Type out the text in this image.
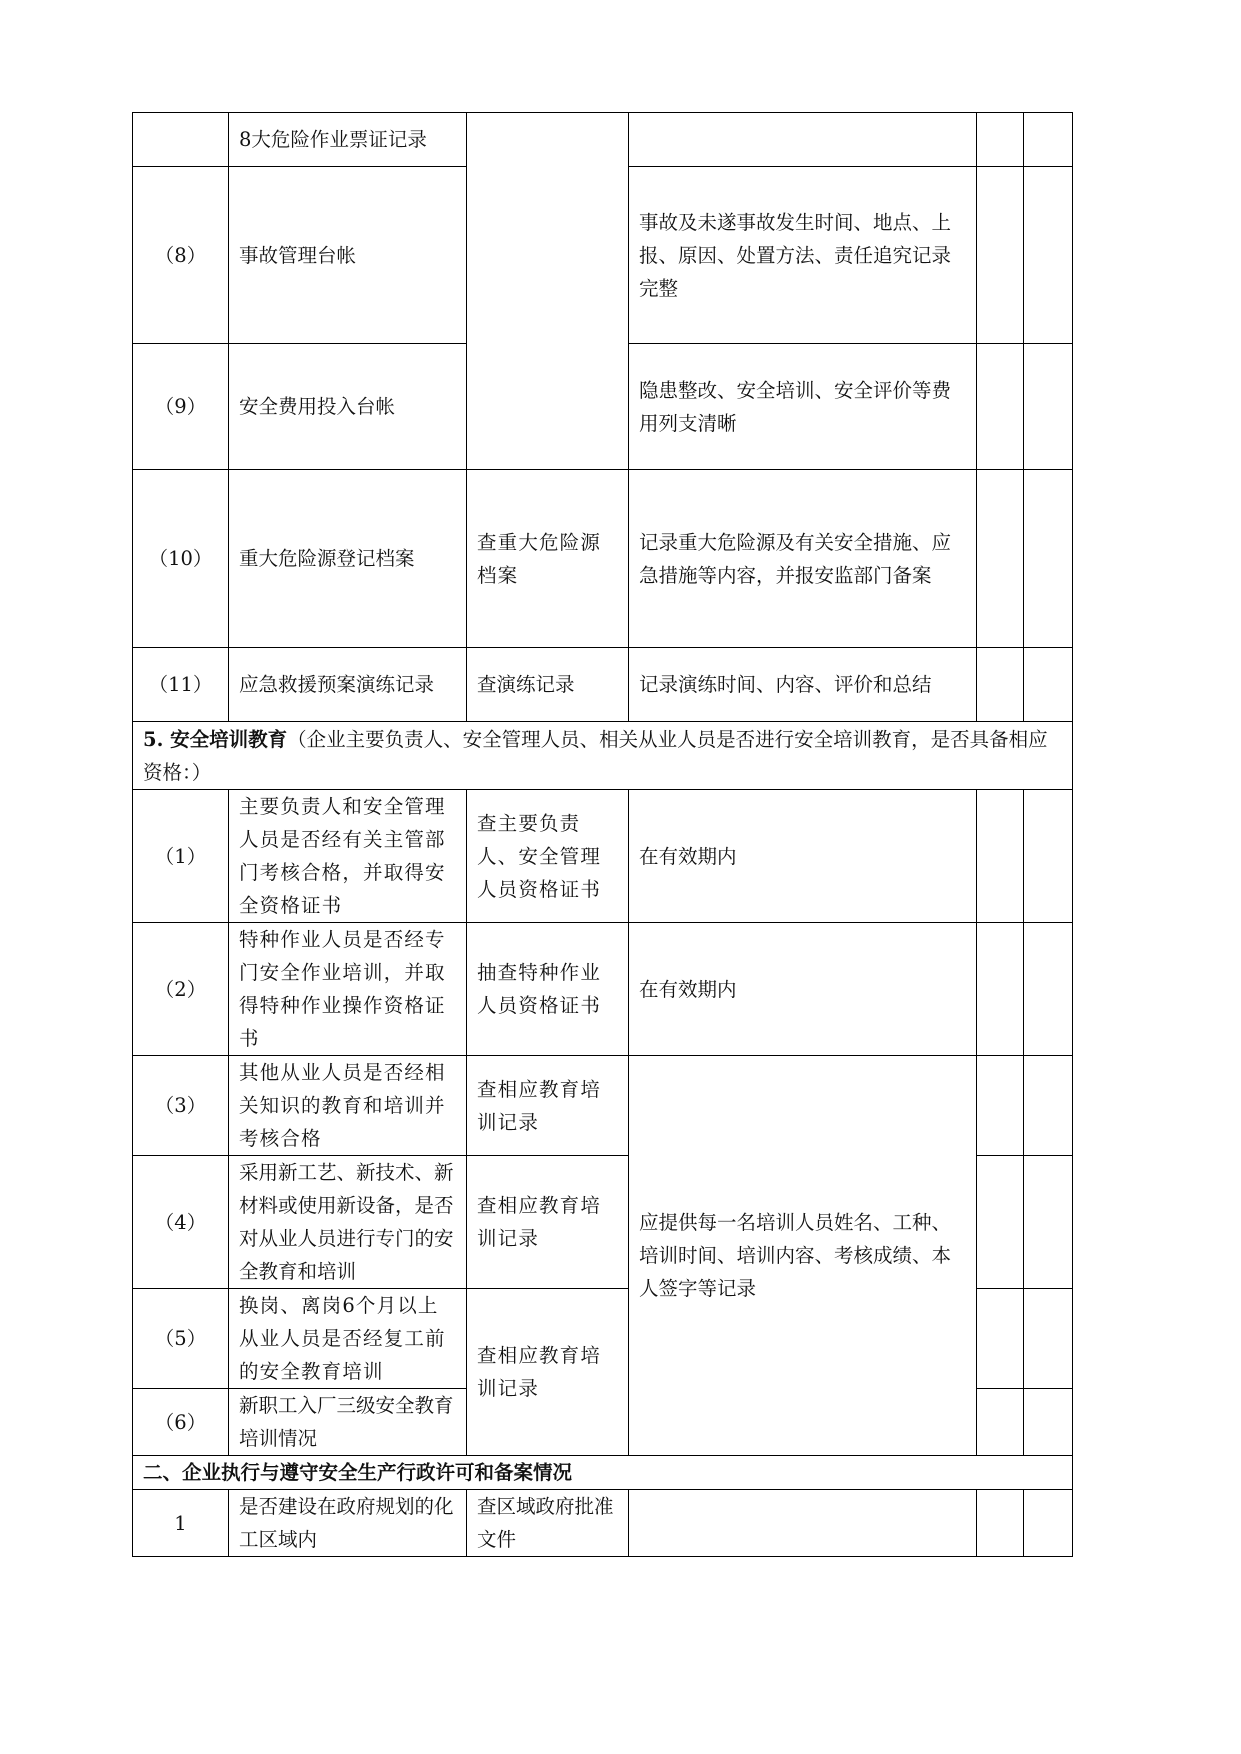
	8大危险作业票证记录				
（8）	事故管理台帐		事故及未遂事故发生时间、地点、上报、原因、处置方法、责任追究记录完整		
（9）	安全费用投入台帐		隐患整改、安全培训、安全评价等费用列支清晰		
（10）	重大危险源登记档案	查重大危险源档案	记录重大危险源及有关安全措施、应急措施等内容，并报安监部门备案		
（11）	应急救援预案演练记录	查演练记录	记录演练时间、内容、评价和总结		
5. 安全培训教育（企业主要负责人、安全管理人员、相关从业人员是否进行安全培训教育，是否具备相应资格：）					
（1）	主要负责人和安全管理人员是否经有关主管部门考核合格，并取得安全资格证书	查主要负责人、安全管理人员资格证书	在有效期内		
（2）	特种作业人员是否经专门安全作业培训，并取得特种作业操作资格证书	抽查特种作业人员资格证书	在有效期内		
（3）	其他从业人员是否经相关知识的教育和培训并考核合格	查相应教育培训记录	应提供每一名培训人员姓名、工种、培训时间、培训内容、考核成绩、本人签字等记录		
（4）	采用新工艺、新技术、新材料或使用新设备，是否对从业人员进行专门的安全教育和培训	查相应教育培训记录			
（5）	换岗、离岗6个月以上从业人员是否经复工前的安全教育培训	查相应教育培训记录			
（6）	新职工入厂三级安全教育培训情况				
二、企业执行与遵守安全生产行政许可和备案情况					
1	是否建设在政府规划的化工区域内	查区域政府批准文件			
